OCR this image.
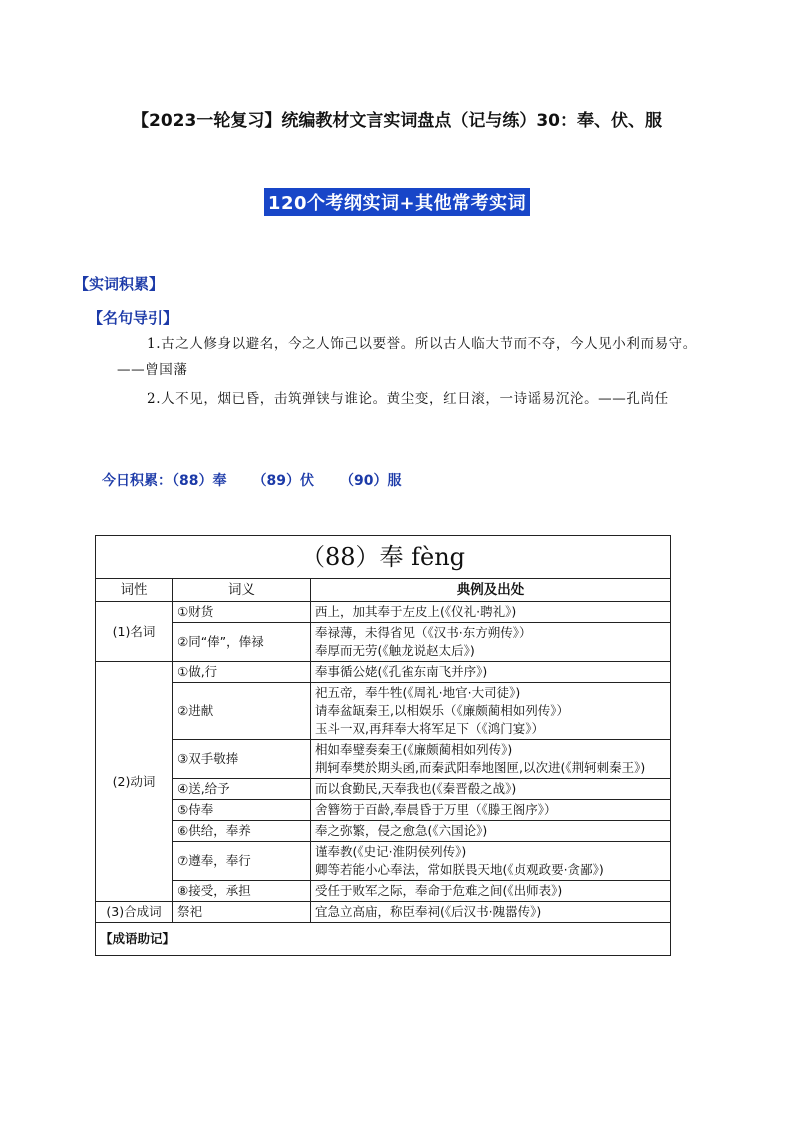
【2023一轮复习】统编教材文言实词盘点（记与练）30：奉、伏、服
120个考纲实词+其他常考实词
【实词积累】
【名句导引】
1.古之人修身以避名，今之人饰己以要誉。所以古人临大节而不夺，今人见小利而易守。——曾国藩
2.人不见，烟已昏，击筑弹铗与谁论。黄尘变，红日滚，一诗谣易沉沦。——孔尚任
今日积累：（88）奉 （89）伏 （90）服
（88）奉 fèng		
词性	词义	典例及出处
(1)名词	①财货	西上，加其奉于左皮上(《仪礼·聘礼》)

	②同“俸”，俸禄	奉禄薄，未得省见（《汉书·东方朔传》）
奉厚而无劳(《触龙说赵太后》)

(2)动词	①做,行	奉事循公姥(《孔雀东南飞并序》)

	②进献	祀五帝，奉牛牲(《周礼·地官·大司徒》)
请奉盆缻秦王,以相娱乐（《廉颇蔺相如列传》）
玉斗一双,再拜奉大将军足下（《鸿门宴》）

	③双手敬捧	相如奉璧奏秦王(《廉颇蔺相如列传》)
荆轲奉樊於期头函,而秦武阳奉地图匣,以次进(《荆轲刺秦王》)

	④送,给予	而以食勤民,天奉我也(《秦晋殽之战》)

	⑤侍奉	舍簪笏于百龄,奉晨昏于万里（《滕王阁序》）

	⑥供给，奉养	奉之弥繁，侵之愈急(《六国论》)

	⑦遵奉，奉行	谨奉教(《史记·淮阴侯列传》)
卿等若能小心奉法，常如朕畏天地(《贞观政要·贪鄙》)

	⑧接受，承担	受任于败军之际，奉命于危难之间(《出师表》)

(3)合成词	祭祀	宜急立高庙，称臣奉祠(《后汉书·隗嚣传》)

【成语助记】		
